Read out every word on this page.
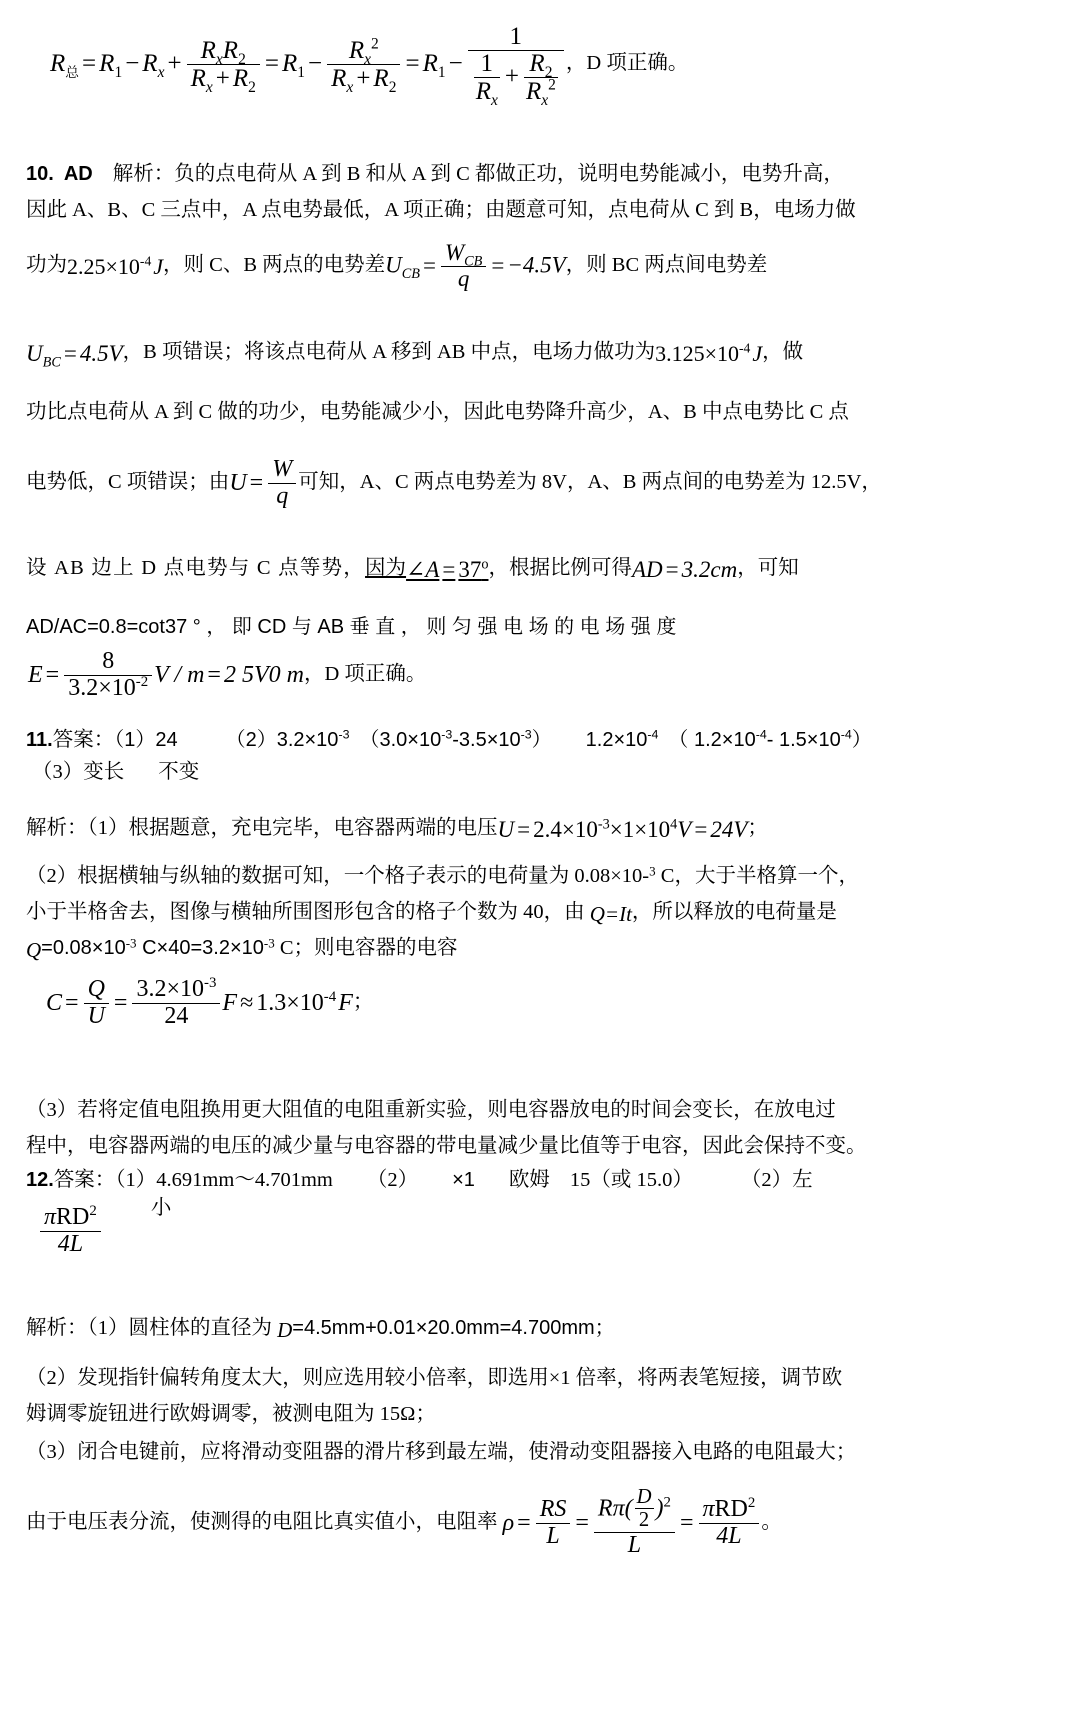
$R_总 = R_1 - R_x + \frac{R_xR_2}{R_x + R_2} = R_1 - \frac{R_x^2}{R_x + R_2} = R_1 - \frac{1}{\frac{1}{R_x} + \frac{R_2}{R_x^2}}$ ，D 项正确。
10. AD 解析：负的点电荷从 A 到 B 和从 A 到 C 都做正功，说明电势能减小，电势升高，
因此 A、B、C 三点中，A 点电势最低，A 项正确；由题意可知，点电荷从 C 到 B，电场力做
功为$2.25\times 10^{-4}J$，则 C、B 两点的电势差$U_{CB} = \frac{W_{CB}}{q} = -4.5V$，则 BC 两点间电势差
$U_{BC} = 4.5V$，B 项错误；将该点电荷从 A 移到 AB 中点，电场力做功为$3.125\times 10^{-4}J$，做
功比点电荷从 A 到 C 做的功少，电势能减少小，因此电势降升高少，A、B 中点电势比 C 点
电势低，C 项错误；由$U = \frac{W}{q}$ 可知，A、C 两点电势差为 8V，A、B 两点间的电势差为 12.5V，
设 AB 边上 D 点电势与 C 点等势，因为∠A = $37^o$，根据比例可得AD = 3.2cm，可知
AD/AC=0.8=cot37 ° ， 即 CD 与 AB 垂 直 ， 则 匀 强 电 场 的 电 场 强 度
$E = \frac{8}{3.2\times 10^{-2}}$ V / m = 2 5V0 m，D 项正确。
11.答案：（1）24 $(2)3.2\times 10^{-3}$ $(3.0\times 10^{-3}-3.5\times 10^{-3})$ $1.2\times 10^{-4}$ （ $1.2\times 10^{-4}-$ $1.5\times 10^{-4}$）
（3）变长 不变
解析：（1）根据题意，充电完毕，电容器两端的电压$U = 2.4\times 10^{-3}\times 1\times 10^4V = 24V$；
（2）根据横轴与纵轴的数据可知，一个格子表示的电荷量为 0.08×10-$^3$ C，大于半格算一个，
小于半格舍去，图像与横轴所围图形包含的格子个数为 40，由 Q=It，所以释放的电荷量是
$Q=0.08\times 10^{-3}$ $C\times 40=3.2\times 10^{-3}$ C；则电容器的电容
$C = \frac{Q}{U} = \frac{3.2\times 10^{-3}}{24}$ $F \approx 1.3\times 10^{-4}F$；
（3）若将定值电阻换用更大阻值的电阻重新实验，则电容器放电的时间会变长，在放电过
程中，电容器两端的电压的减少量与电容器的带电量减少量比值等于电容，因此会保持不变。
12.答案：（1）4.691mm～4.701mm （2） ×1 欧姆 15（或 15.0） （2）左
$\frac{\pi RD^2}{4L}$ 小
解析：（1）圆柱体的直径为 D=4.5mm+0.01×20.0mm=4.700mm；
（2）发现指针偏转角度太大，则应选用较小倍率，即选用×1 倍率，将两表笔短接，调节欧
姆调零旋钮进行欧姆调零，被测电阻为 15Ω；
（3）闭合电键前，应将滑动变阻器的滑片移到最左端，使滑动变阻器接入电路的电阻最大；
由于电压表分流，使测得的电阻比真实值小，电阻率 $\rho = \frac{RS}{L} = \frac{R\pi( \frac{D}{2} )^2}{L} = \frac{\pi RD^2}{4L}$ 。
